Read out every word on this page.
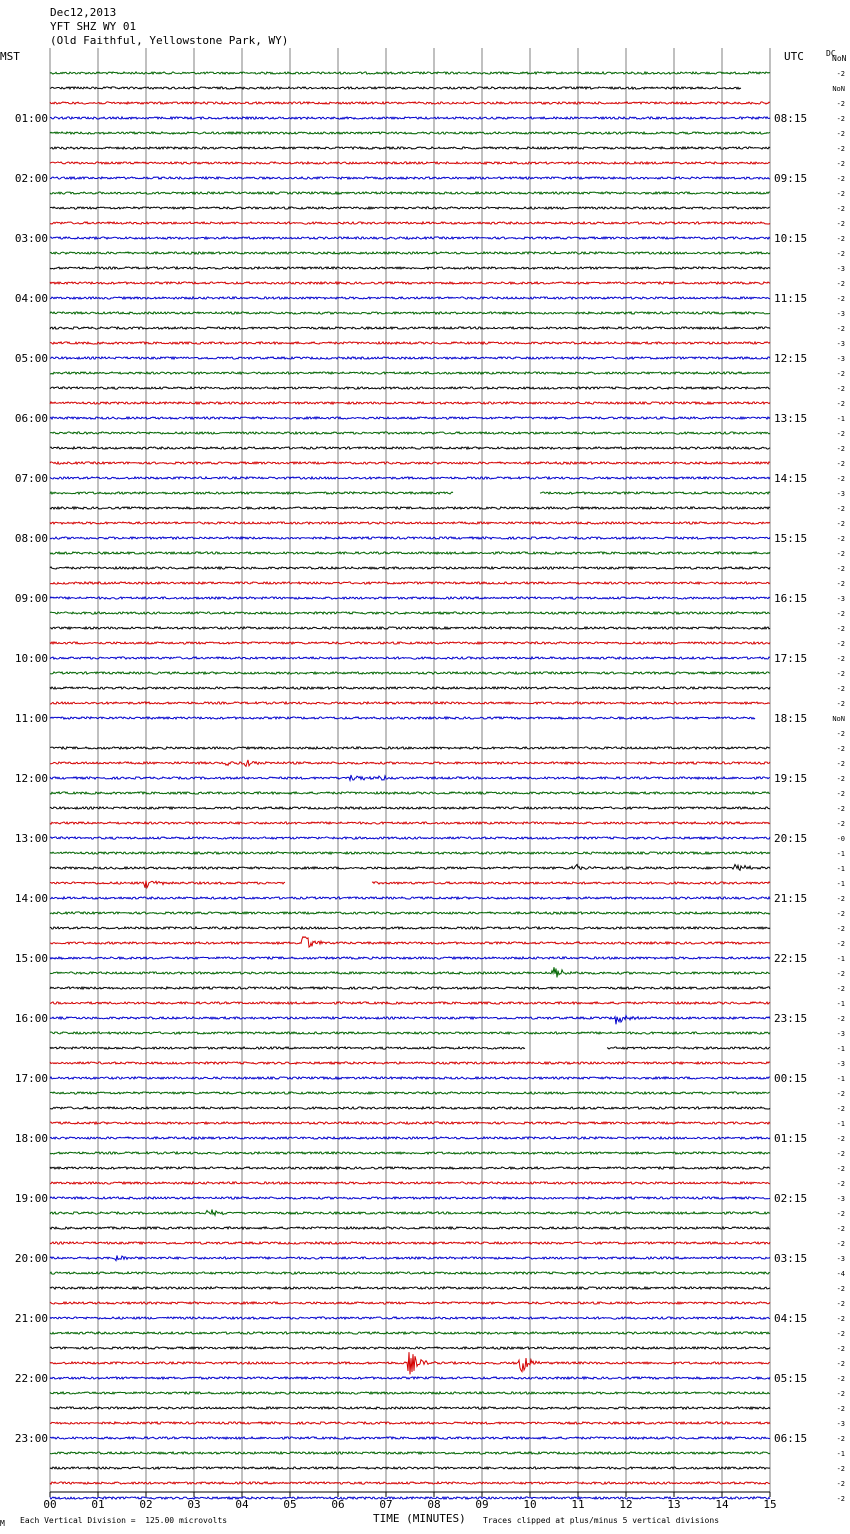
Dec12,2013
YFT SHZ WY 01
(Old Faithful, Yellowstone Park, WY)
MST	UTC	DC
NoN
00	01	02	03	04	05	06	07	08	09	10	11	12	13	14	15
-2
NoN
-2
-2
-2
-2
-2
-2
-2
-2
-2
-2
-2
-3
-2
-2
-3
-2
-3
-3
-2
-2
-2
-1
-2
-2
-2
-2
-3
-2
-2
-2
-2
-2
-2
-3
-2
-2
-2
-2
-2
-2
-2
NoN
-2
-2
-2
-2
-2
-2
-2
-0
-1
-1
-1
-2
-2
-2
-2
-1
-2
-2
-1
-2
-3
-1
-3
-1
-2
-2
-1
-2
-2
-2
-2
-3
-2
-2
-2
-3
-4
-2
-2
-2
-2
-2
-2
-2
-2
-2
-3
-2
-1
-2
-2
-2
01:00	08:15
02:00	09:15
03:00	10:15
04:00	11:15
05:00	12:15
06:00	13:15
07:00	14:15
08:00	15:15
09:00	16:15
10:00	17:15
11:00	18:15
12:00	19:15
13:00	20:15
14:00	21:15
15:00	22:15
16:00	23:15
17:00	00:15
18:00	01:15
19:00	02:15
20:00	03:15
21:00	04:15
22:00	05:15
23:00	06:15
M Each Vertical Division =  125.00 microvolts	TIME (MINUTES) Traces clipped at plus/minus 5 vertical divisions
